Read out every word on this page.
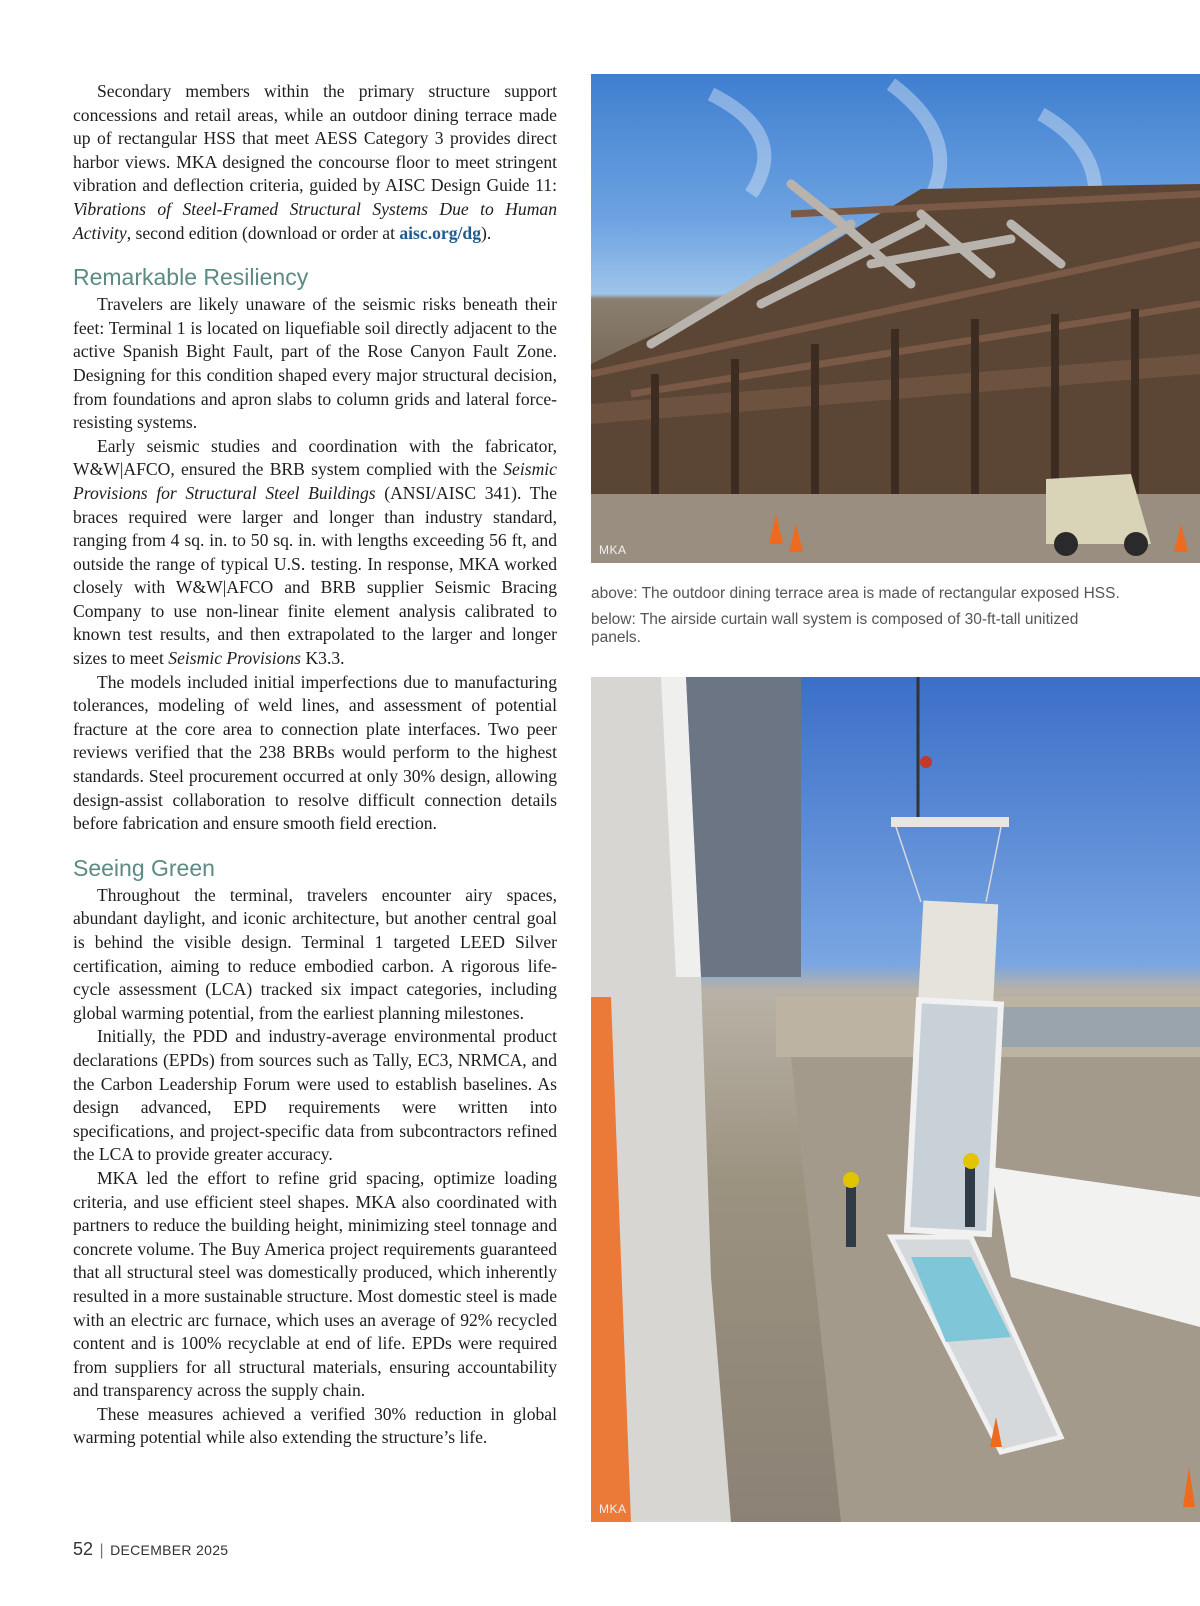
Secondary members within the primary structure support concessions and retail areas, while an outdoor dining terrace made up of rectangular HSS that meet AESS Category 3 provides direct harbor views. MKA designed the concourse floor to meet stringent vibration and deflection criteria, guided by AISC Design Guide 11: Vibrations of Steel-Framed Structural Systems Due to Human Activity, second edition (download or order at aisc.org/dg).

Remarkable Resiliency

Travelers are likely unaware of the seismic risks beneath their feet: Terminal 1 is located on liquefiable soil directly adjacent to the active Spanish Bight Fault, part of the Rose Canyon Fault Zone. Designing for this condition shaped every major structural decision, from foundations and apron slabs to column grids and lateral force-resisting systems.

Early seismic studies and coordination with the fabricator, W&W|AFCO, ensured the BRB system complied with the Seismic Provisions for Structural Steel Buildings (ANSI/AISC 341). The braces required were larger and longer than industry standard, ranging from 4 sq. in. to 50 sq. in. with lengths exceeding 56 ft, and outside the range of typical U.S. testing. In response, MKA worked closely with W&W|AFCO and BRB supplier Seismic Bracing Company to use non-linear finite element analysis calibrated to known test results, and then extrapolated to the larger and longer sizes to meet Seismic Provisions K3.3.

The models included initial imperfections due to manufacturing tolerances, modeling of weld lines, and assessment of potential fracture at the core area to connection plate interfaces. Two peer reviews verified that the 238 BRBs would perform to the highest standards. Steel procurement occurred at only 30% design, allowing design-assist collaboration to resolve difficult connection details before fabrication and ensure smooth field erection.

Seeing Green

Throughout the terminal, travelers encounter airy spaces, abundant daylight, and iconic architecture, but another central goal is behind the visible design. Terminal 1 targeted LEED Silver certification, aiming to reduce embodied carbon. A rigorous life-cycle assessment (LCA) tracked six impact categories, including global warming potential, from the earliest planning milestones.

Initially, the PDD and industry-average environmental product declarations (EPDs) from sources such as Tally, EC3, NRMCA, and the Carbon Leadership Forum were used to establish baselines. As design advanced, EPD requirements were written into specifications, and project-specific data from subcontractors refined the LCA to provide greater accuracy.

MKA led the effort to refine grid spacing, optimize loading criteria, and use efficient steel shapes. MKA also coordinated with partners to reduce the building height, minimizing steel tonnage and concrete volume. The Buy America project requirements guaranteed that all structural steel was domestically produced, which inherently resulted in a more sustainable structure. Most domestic steel is made with an electric arc furnace, which uses an average of 92% recycled content and is 100% recyclable at end of life. EPDs were required from suppliers for all structural materials, ensuring accountability and transparency across the supply chain.

These measures achieved a verified 30% reduction in global warming potential while also extending the structure’s life.

MKA

above: The outdoor dining terrace area is made of rectangular exposed HSS.

below: The airside curtain wall system is composed of 30-ft-tall unitized panels.

MKA
52 | DECEMBER 2025
